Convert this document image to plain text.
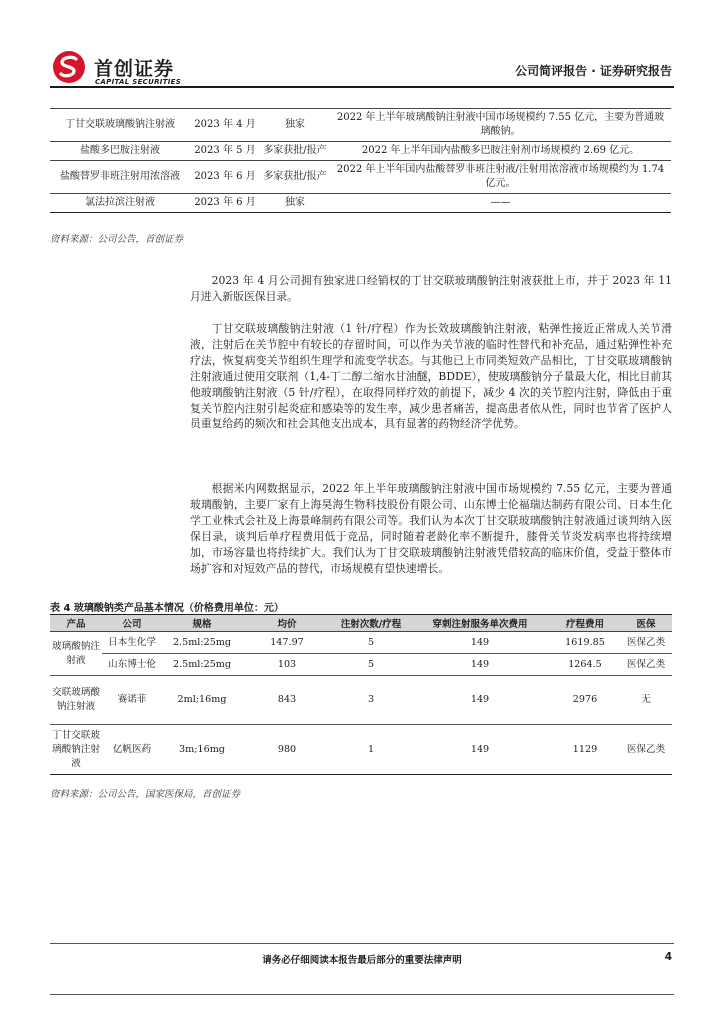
首创证券
CAPITAL SECURITIES
公司简评报告 · 证券研究报告
丁甘交联玻璃酸钠注射液	2023 年 4 月	独家	2022 年上半年玻璃酸钠注射液中国市场规模约 7.55 亿元，主要为普通玻璃酸钠。
盐酸多巴胺注射液	2023 年 5 月	多家获批/报产	2022 年上半年国内盐酸多巴胺注射剂市场规模约 2.69 亿元。
盐酸替罗非班注射用浓溶液	2023 年 6 月	多家获批/报产	2022 年上半年国内盐酸替罗非班注射液/注射用浓溶液市场规模约为 1.74 亿元。
氯法拉滨注射液	2023 年 6 月	独家	——
资料来源：公司公告，首创证券

2023 年 4 月公司拥有独家进口经销权的丁甘交联玻璃酸钠注射液获批上市，并于 2023 年 11 月进入新版医保目录。

丁甘交联玻璃酸钠注射液（1 针/疗程）作为长效玻璃酸钠注射液，粘弹性接近正常成人关节滑液，注射后在关节腔中有较长的存留时间，可以作为关节液的临时性替代和补充品，通过粘弹性补充疗法，恢复病变关节组织生理学和流变学状态。与其他已上市同类短效产品相比，丁甘交联玻璃酸钠注射液通过使用交联剂（1,4-丁二醇二缩水甘油醚，BDDE），使玻璃酸钠分子量最大化，相比目前其他玻璃酸钠注射液（5 针/疗程），在取得同样疗效的前提下，减少 4 次的关节腔内注射，降低由于重复关节腔内注射引起炎症和感染等的发生率，减少患者痛苦，提高患者依从性，同时也节省了医护人员重复给药的频次和社会其他支出成本，具有显著的药物经济学优势。

根据米内网数据显示，2022 年上半年玻璃酸钠注射液中国市场规模约 7.55 亿元，主要为普通玻璃酸钠，主要厂家有上海昊海生物科技股份有限公司、山东博士伦福瑞达制药有限公司、日本生化学工业株式会社及上海景峰制药有限公司等。我们认为本次丁甘交联玻璃酸钠注射液通过谈判纳入医保目录，谈判后单疗程费用低于竞品，同时随着老龄化率不断提升，膝骨关节炎发病率也将持续增加，市场容量也将持续扩大。我们认为丁甘交联玻璃酸钠注射液凭借较高的临床价值，受益于整体市场扩容和对短效产品的替代，市场规模有望快速增长。

表 4 玻璃酸钠类产品基本情况（价格费用单位：元）
产品	公司	规格	均价	注射次数/疗程	穿刺注射服务单次费用	疗程费用	医保
玻璃酸钠注射液	日本生化学	2.5ml:25mg	147.97	5	149	1619.85	医保乙类
	山东博士伦	2.5ml:25mg	103	5	149	1264.5	医保乙类
交联玻璃酸钠注射液	赛诺菲	2ml;16mg	843	3	149	2976	无
丁甘交联玻璃酸钠注射液	亿帆医药	3m;16mg	980	1	149	1129	医保乙类
资料来源：公司公告，国家医保局，首创证券
请务必仔细阅读本报告最后部分的重要法律声明	4
